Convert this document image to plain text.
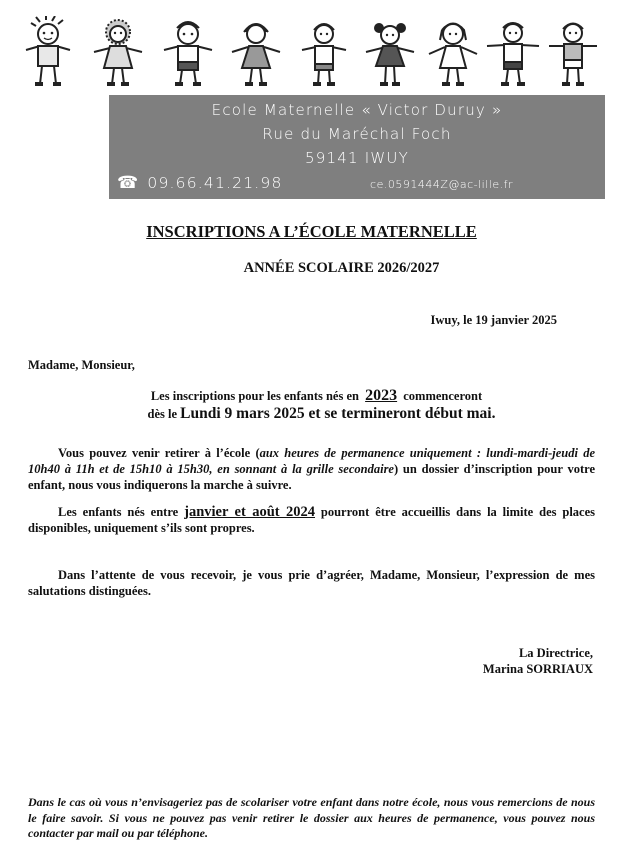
Ecole Maternelle « Victor Duruy »
Rue du Maréchal Foch
59141 IWUY
☎ 09.66.41.21.98	ce.0591444Z@ac-lille.fr
INSCRIPTIONS A L’ÉCOLE MATERNELLE
ANNÉE SCOLAIRE 2026/2027
Iwuy, le 19 janvier 2025
Madame, Monsieur,
Les inscriptions pour les enfants nés en 2023 commenceront
dès le Lundi 9 mars 2025 et se termineront début mai.
Vous pouvez venir retirer à l’école (aux heures de permanence uniquement : lundi-mardi-jeudi de 10h40 à 11h et de 15h10 à 15h30, en sonnant à la grille secondaire) un dossier d’inscription pour votre enfant, nous vous indiquerons la marche à suivre.
Les enfants nés entre janvier et août 2024 pourront être accueillis dans la limite des places disponibles, uniquement s’ils sont propres.
Dans l’attente de vous recevoir, je vous prie d’agréer, Madame, Monsieur, l’expression de mes salutations distinguées.
La Directrice,
Marina SORRIAUX
Dans le cas où vous n’envisageriez pas de scolariser votre enfant dans notre école, nous vous remercions de nous le faire savoir. Si vous ne pouvez pas venir retirer le dossier aux heures de permanence, vous pouvez nous contacter par mail ou par téléphone.
